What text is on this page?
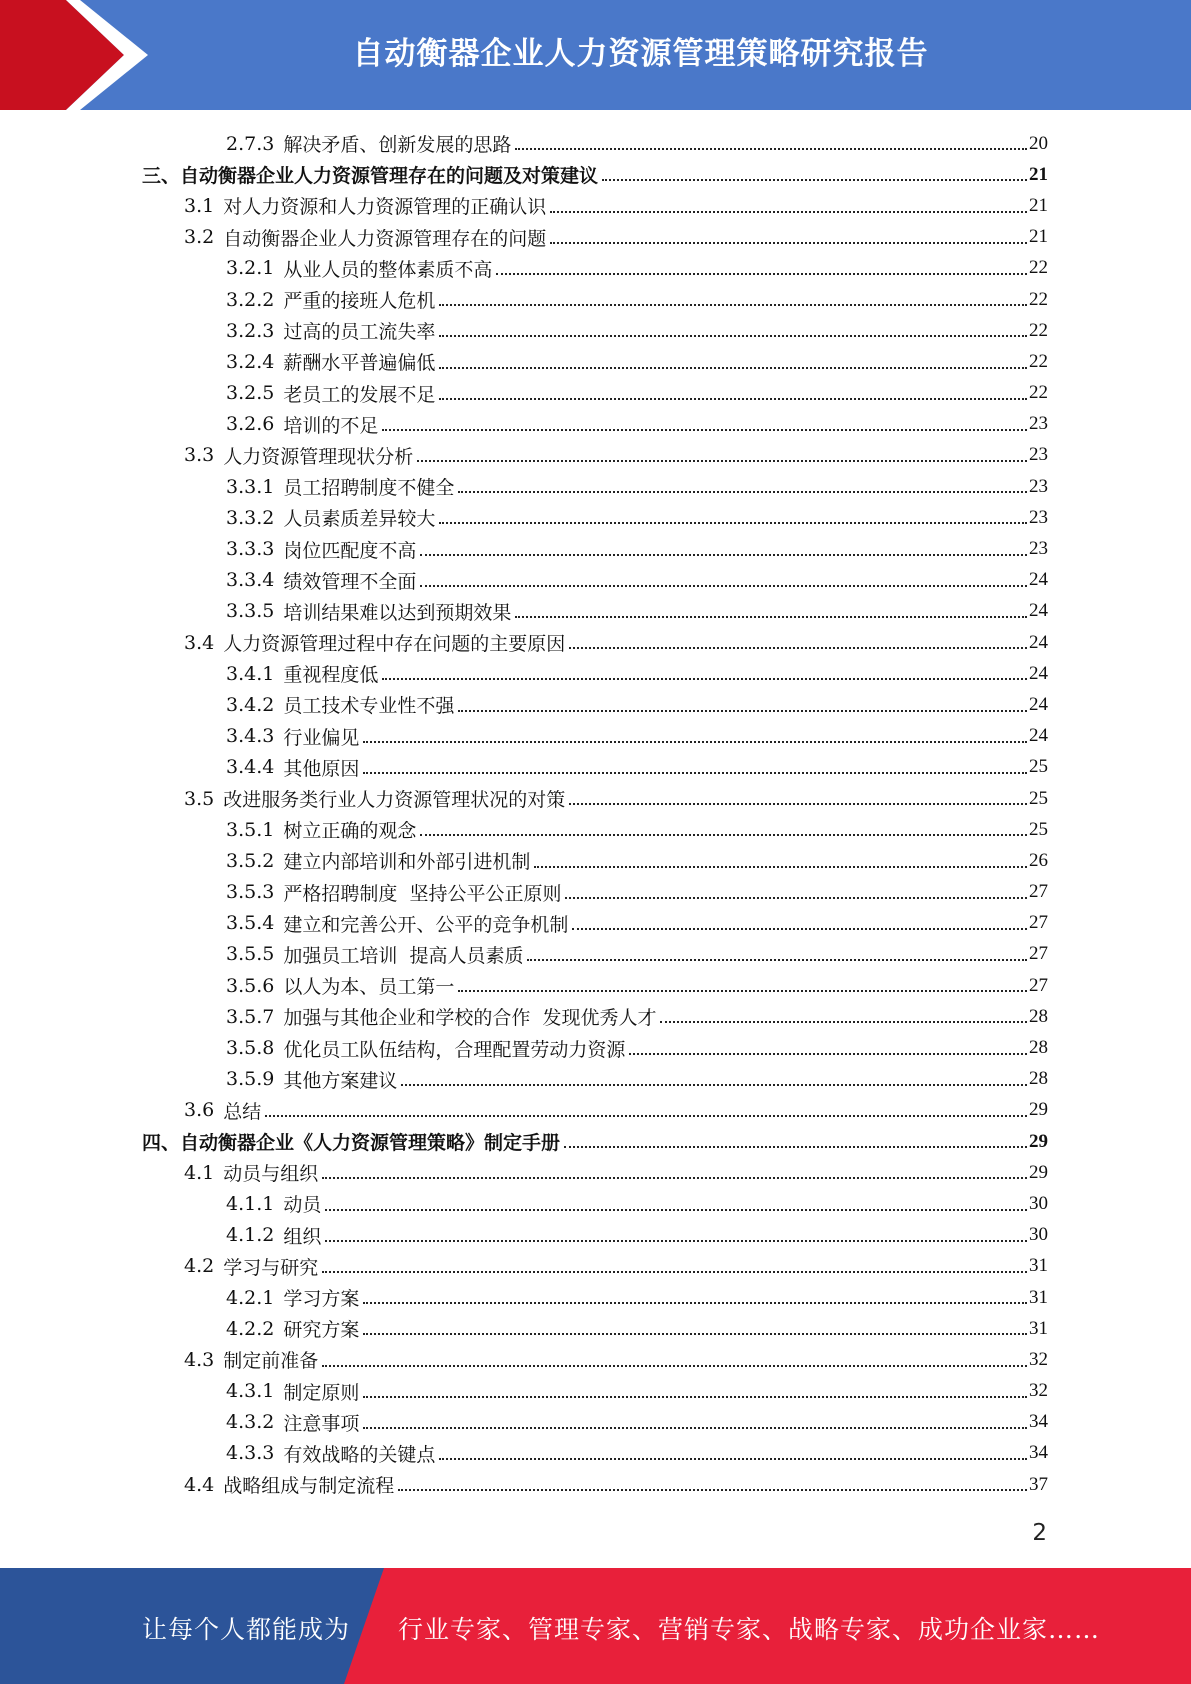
自动衡器企业人力资源管理策略研究报告
2.7.3 解决矛盾、创新发展的思路	20
三、 自动衡器企业人力资源管理存在的问题及对策建议	21
3.1 对人力资源和人力资源管理的正确认识	21
3.2 自动衡器企业人力资源管理存在的问题	21
3.2.1 从业人员的整体素质不高	22
3.2.2 严重的接班人危机	22
3.2.3 过高的员工流失率	22
3.2.4 薪酬水平普遍偏低	22
3.2.5 老员工的发展不足	22
3.2.6 培训的不足	23
3.3 人力资源管理现状分析	23
3.3.1 员工招聘制度不健全	23
3.3.2 人员素质差异较大	23
3.3.3 岗位匹配度不高	23
3.3.4 绩效管理不全面	24
3.3.5 培训结果难以达到预期效果	24
3.4 人力资源管理过程中存在问题的主要原因	24
3.4.1 重视程度低	24
3.4.2 员工技术专业性不强	24
3.4.3 行业偏见	24
3.4.4 其他原因	25
3.5 改进服务类行业人力资源管理状况的对策	25
3.5.1 树立正确的观念	25
3.5.2 建立内部培训和外部引进机制	26
3.5.3 严格招聘制度  坚持公平公正原则	27
3.5.4 建立和完善公开、公平的竞争机制	27
3.5.5 加强员工培训  提高人员素质	27
3.5.6 以人为本、员工第一	27
3.5.7 加强与其他企业和学校的合作  发现优秀人才	28
3.5.8 优化员工队伍结构，合理配置劳动力资源	28
3.5.9 其他方案建议	28
3.6 总结	29
四、 自动衡器企业《人力资源管理策略》制定手册	29
4.1 动员与组织	29
4.1.1 动员	30
4.1.2 组织	30
4.2 学习与研究	31
4.2.1 学习方案	31
4.2.2 研究方案	31
4.3 制定前准备	32
4.3.1 制定原则	32
4.3.2 注意事项	34
4.3.3 有效战略的关键点	34
4.4 战略组成与制定流程	37
2
让每个人都能成为 行业专家、管理专家、营销专家、战略专家、成功企业家……
